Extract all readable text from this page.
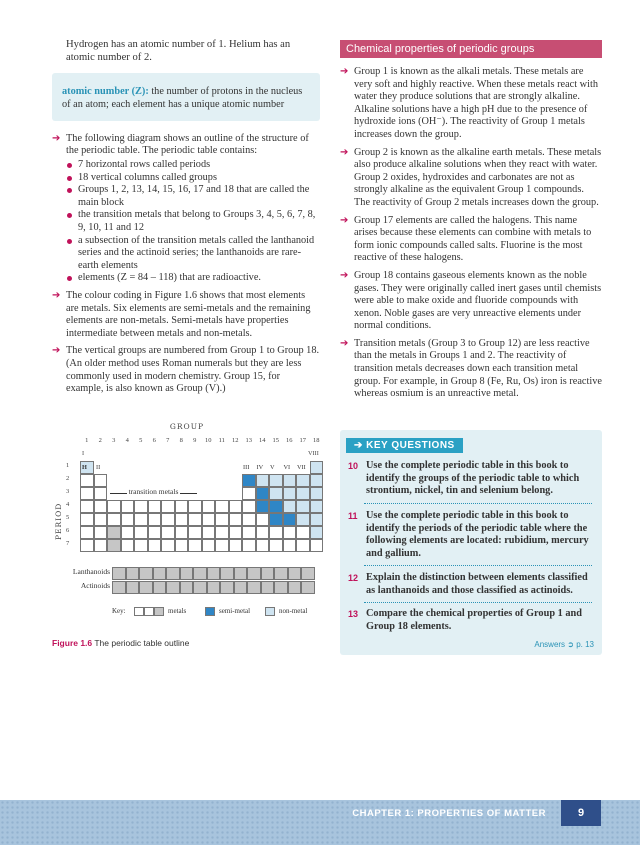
Hydrogen has an atomic number of 1. Helium has an atomic number of 2.

atomic number (Z): the number of protons in the nucleus of an atom; each element has a unique atomic number
➔ The following diagram shows an outline of the structure of the periodic table. The periodic table contains:
7 horizontal rows called periods
18 vertical columns called groups
Groups 1, 2, 13, 14, 15, 16, 17 and 18 that are called the main block
the transition metals that belong to Groups 3, 4, 5, 6, 7, 8, 9, 10, 11 and 12
a subsection of the transition metals called the lanthanoid series and the actinoid series; the lanthanoids are rare-earth elements
elements (Z = 84 – 118) that are radioactive.
➔ The colour coding in Figure 1.6 shows that most elements are metals. Six elements are semi-metals and the remaining elements are non-metals. Semi-metals have properties intermediate between metals and non-metals.
➔ The vertical groups are numbered from Group 1 to Group 18. (An older method uses Roman numerals but they are less commonly used in modern chemistry. Group 15, for example, is also known as Group (V).)
GROUP
1	2	3	4	5	6	7	8	9	10	11	12	13	14	15	16	17	18
I	VIII
PERIOD
1
2
3
4
5
6
7
H II	III IV V VI VII
transition metals
Lanthanoids
Actinoids
Key:	metals	semi-metal	non-metal
Figure 1.6 The periodic table outline
Chemical properties of periodic groups
➔ Group 1 is known as the alkali metals. These metals are very soft and highly reactive. When these metals react with water they produce solutions that are strongly alkaline. Alkaline solutions have a high pH due to the presence of hydroxide ions (OH⁻). The reactivity of Group 1 metals increases down the group.
➔ Group 2 is known as the alkaline earth metals. These metals also produce alkaline solutions when they react with water. Group 2 oxides, hydroxides and carbonates are not as strongly alkaline as the equivalent Group 1 compounds. The reactivity of Group 2 metals increases down the group.
➔ Group 17 elements are called the halogens. This name arises because these elements can combine with metals to form ionic compounds called salts. Fluorine is the most reactive of these halogens.
➔ Group 18 contains gaseous elements known as the noble gases. They were originally called inert gases until chemists were able to make oxide and fluoride compounds with xenon. Noble gases are very unreactive elements under normal conditions.
➔ Transition metals (Group 3 to Group 12) are less reactive than the metals in Groups 1 and 2. The reactivity of transition metals decreases down each transition metal group. For example, in Group 8 (Fe, Ru, Os) iron is reactive whereas osmium is an unreactive metal.
➔ KEY QUESTIONS
10 Use the complete periodic table in this book to identify the groups of the periodic table to which strontium, nickel, tin and selenium belong.
11 Use the complete periodic table in this book to identify the periods of the periodic table where the following elements are located: rubidium, mercury and gallium.
12 Explain the distinction between elements classified as lanthanoids and those classified as actinoids.
13 Compare the chemical properties of Group 1 and Group 18 elements.
Answers ➲ p. 13
CHAPTER 1: PROPERTIES OF MATTER	9
